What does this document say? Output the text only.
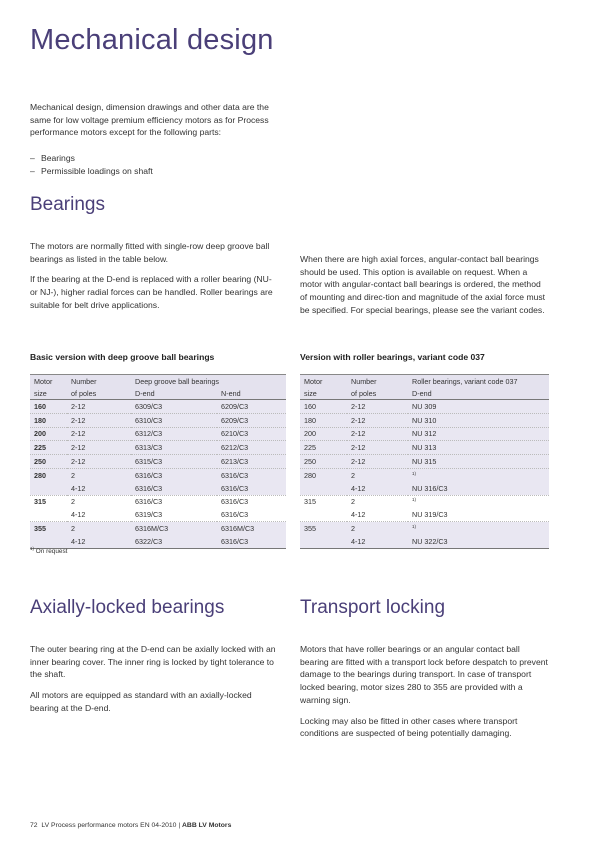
Mechanical design

Mechanical design, dimension drawings and other data are the same for low voltage premium efficiency motors as for Process performance motors except for the following parts:

– Bearings
– Permissible loadings on shaft
Bearings

The motors are normally fitted with single-row deep groove ball bearings as listed in the table below.

If the bearing at the D-end is replaced with a roller bearing (NU- or NJ-), higher radial forces can be handled. Roller bearings are suitable for belt drive applications.

When there are high axial forces, angular-contact ball bearings should be used. This option is available on request. When a motor with angular-contact ball bearings is ordered, the method of mounting and direc-tion and magnitude of the axial force must be specified. For special bearings, please see the variant codes.

Basic version with deep groove ball bearings
Motor	Number	Deep groove ball bearings	
size	of poles	D-end	N-end
160	2-12	6309/C3	6209/C3
180	2-12	6310/C3	6209/C3
200	2-12	6312/C3	6210/C3
225	2-12	6313/C3	6212/C3
250	2-12	6315/C3	6213/C3
280	2	6316/C3	6316/C3
	4-12	6316/C3	6316/C3
315	2	6316/C3	6316/C3
	4-12	6319/C3	6316/C3
355	2	6316M/C3	6316M/C3
	4-12	6322/C3	6316/C3
Version with roller bearings, variant code 037
Motor	Number	Roller bearings, variant code 037
size	of poles	D-end
160	2-12	NU 309
180	2-12	NU 310
200	2-12	NU 312
225	2-12	NU 313
250	2-12	NU 315
280	2	$^{1)}$
	4-12	NU 316/C3
315	2	$^{1)}$
	4-12	NU 319/C3
355	2	$^{1)}$
	4-12	NU 322/C3
$^{1)}$ On request
Axially-locked bearings

The outer bearing ring at the D-end can be axially locked with an inner bearing cover. The inner ring is locked by tight tolerance to the shaft.

All motors are equipped as standard with an axially-locked bearing at the D-end.

Transport locking

Motors that have roller bearings or an angular contact ball bearing are fitted with a transport lock before despatch to prevent damage to the bearings during transport. In case of transport locked bearing, motor sizes 280 to 355 are provided with a warning sign.

Locking may also be fitted in other cases where transport conditions are suspected of being potentially damaging.

72 LV Process performance motors EN 04-2010 | ABB LV Motors
